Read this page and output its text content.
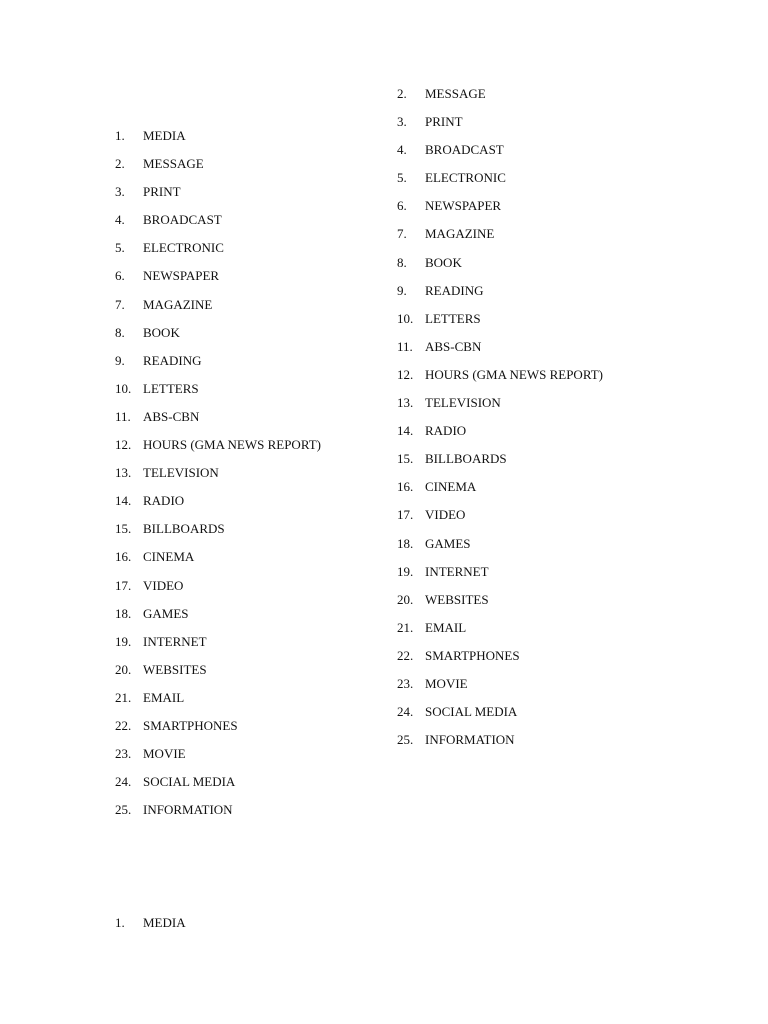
1.	MEDIA
2.	MESSAGE
3.	PRINT
4.	BROADCAST
5.	ELECTRONIC
6.	NEWSPAPER
7.	MAGAZINE
8.	BOOK
9.	READING
10. LETTERS
11. ABS-CBN
12. HOURS (GMA NEWS REPORT)
13. TELEVISION
14. RADIO
15. BILLBOARDS
16. CINEMA
17. VIDEO
18. GAMES
19. INTERNET
20. WEBSITES
21. EMAIL
22. SMARTPHONES
23. MOVIE
24. SOCIAL MEDIA
25. INFORMATION
2.	MESSAGE
3.	PRINT
4.	BROADCAST
5.	ELECTRONIC
6.	NEWSPAPER
7.	MAGAZINE
8.	BOOK
9.	READING
10. LETTERS
11. ABS-CBN
12. HOURS (GMA NEWS REPORT)
13. TELEVISION
14. RADIO
15. BILLBOARDS
16. CINEMA
17. VIDEO
18. GAMES
19. INTERNET
20. WEBSITES
21. EMAIL
22. SMARTPHONES
23. MOVIE
24. SOCIAL MEDIA
25. INFORMATION
1.	MEDIA
